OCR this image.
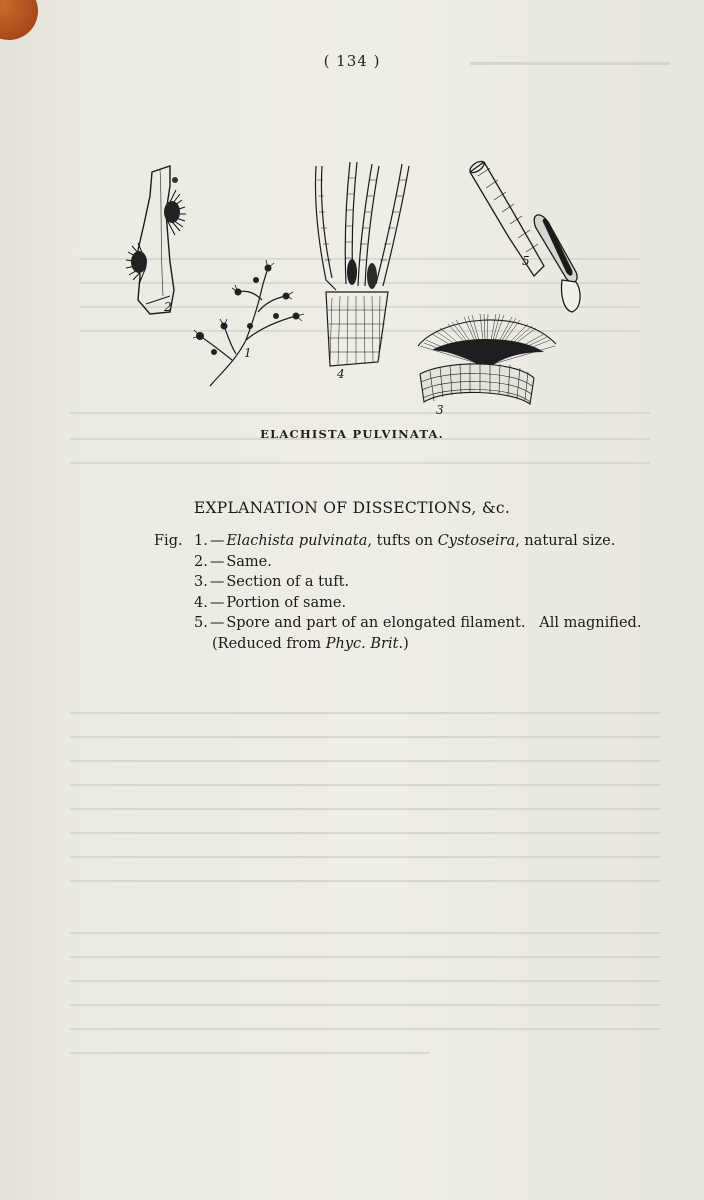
( 134 )
2
1
4
5
3
ELACHISTA PULVINATA.
EXPLANATION OF DISSECTIONS, &c.
Fig. 1. — Elachista pulvinata, tufts on Cystoseira, natural size.
2. — Same.
3. — Section of a tuft.
4. — Portion of same.
5. — Spore and part of an elongated filament.   All magnified.
(Reduced from Phyc. Brit.)
